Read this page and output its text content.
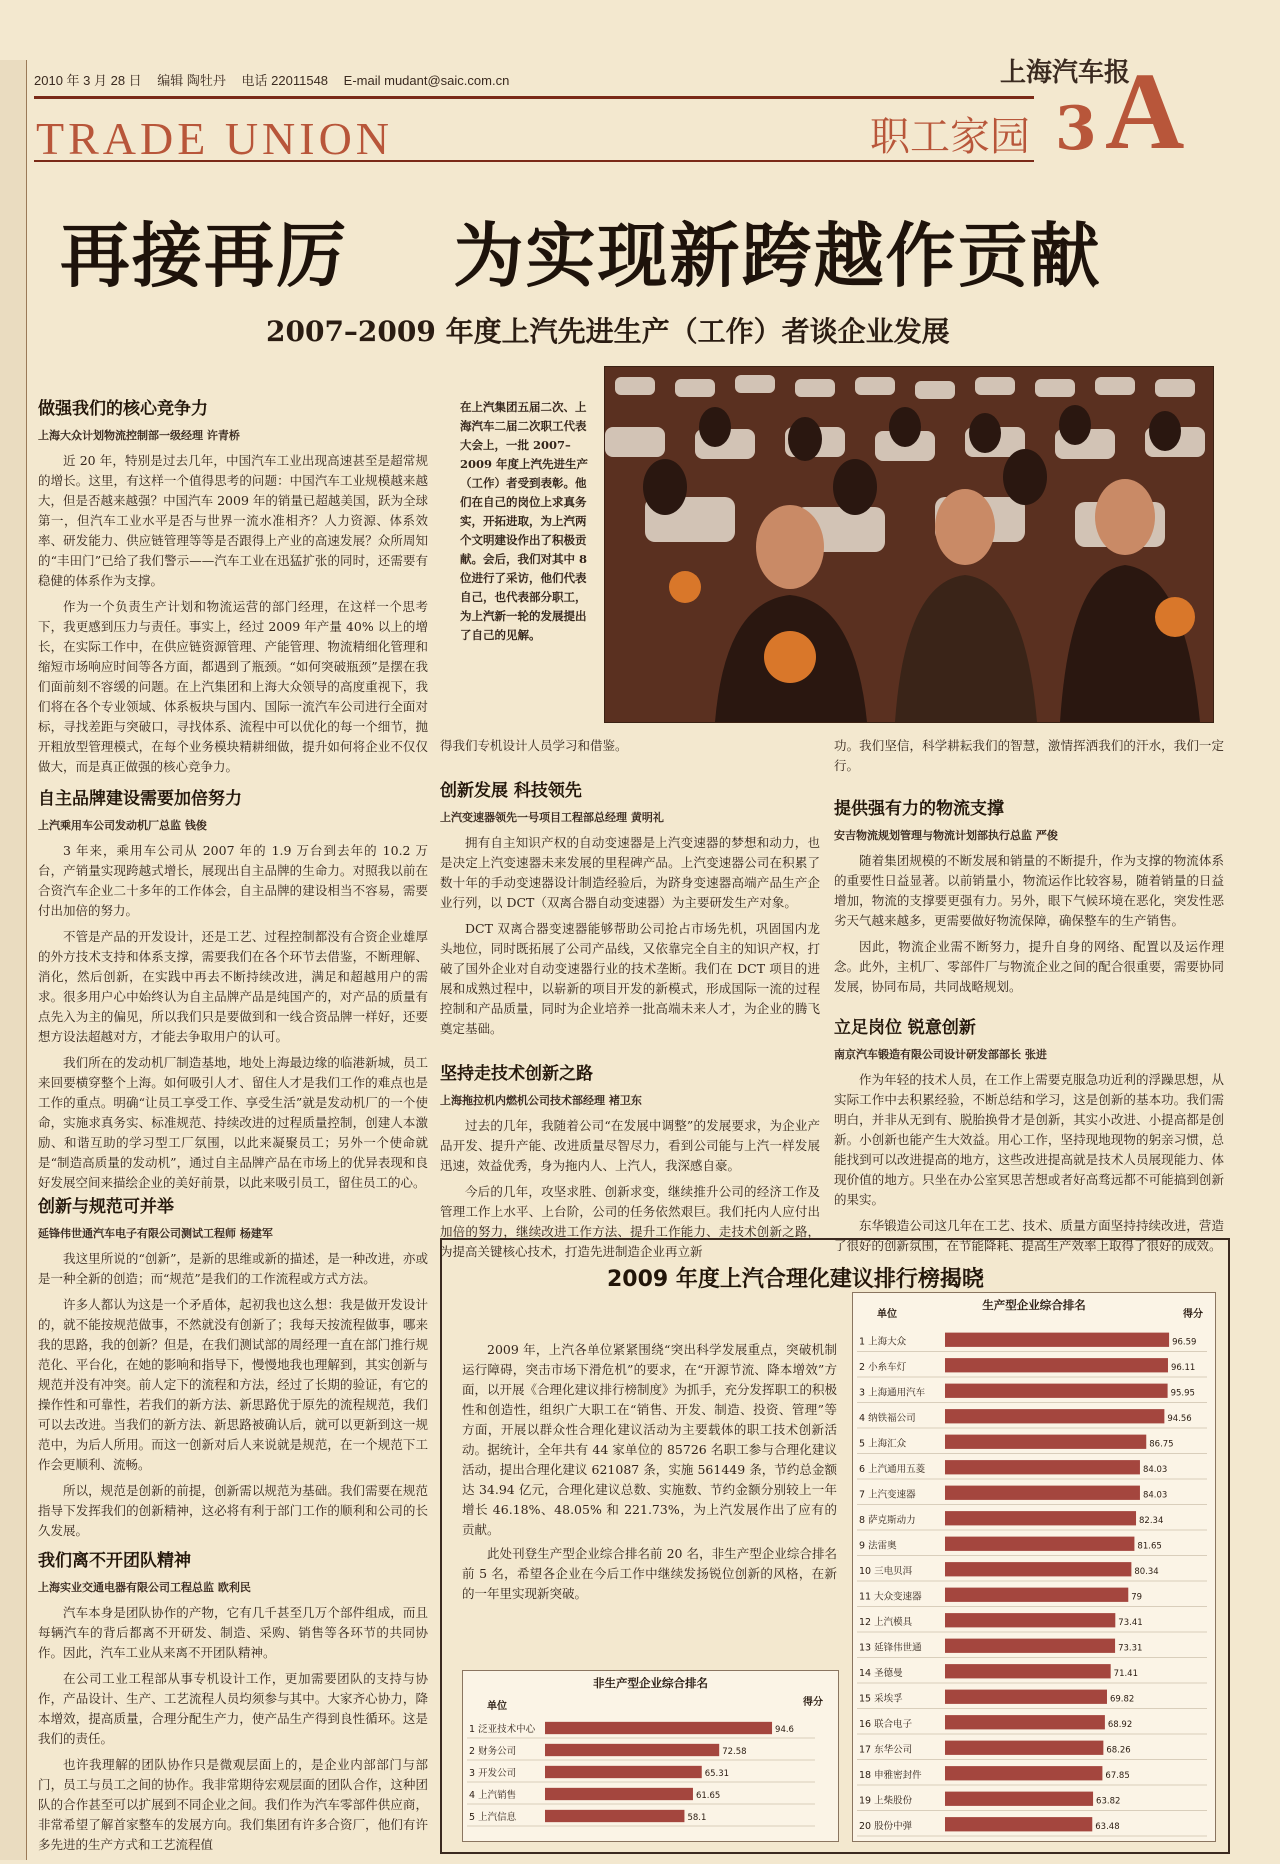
2010 年 3 月 28 日 编辑 陶牡丹 电话 22011548 E-mail mudant@saic.com.cn	上海汽车报
TRADE UNION	职工家园 3 A
再接再厉    为实现新跨越作贡献
2007–2009 年度上汽先进生产（工作）者谈企业发展
做强我们的核心竞争力
上海大众计划物流控制部一级经理 许青桥

近 20 年，特别是过去几年，中国汽车工业出现高速甚至是超常规的增长。这里，有这样一个值得思考的问题：中国汽车工业规模越来越大，但是否越来越强？中国汽车 2009 年的销量已超越美国，跃为全球第一，但汽车工业水平是否与世界一流水准相齐？人力资源、体系效率、研发能力、供应链管理等等是否跟得上产业的高速发展？众所周知的“丰田门”已给了我们警示——汽车工业在迅猛扩张的同时，还需要有稳健的体系作为支撑。

作为一个负责生产计划和物流运营的部门经理，在这样一个思考下，我更感到压力与责任。事实上，经过 2009 年产量 40% 以上的增长，在实际工作中，在供应链资源管理、产能管理、物流精细化管理和缩短市场响应时间等各方面，都遇到了瓶颈。“如何突破瓶颈”是摆在我们面前刻不容缓的问题。在上汽集团和上海大众领导的高度重视下，我们将在各个专业领域、体系板块与国内、国际一流汽车公司进行全面对标，寻找差距与突破口，寻找体系、流程中可以优化的每一个细节，抛开粗放型管理模式，在每个业务模块精耕细做，提升如何将企业不仅仅做大，而是真正做强的核心竞争力。

自主品牌建设需要加倍努力
上汽乘用车公司发动机厂总监 钱俊

3 年来，乘用车公司从 2007 年的 1.9 万台到去年的 10.2 万台，产销量实现跨越式增长，展现出自主品牌的生命力。对照我以前在合资汽车企业二十多年的工作体会，自主品牌的建设相当不容易，需要付出加倍的努力。

不管是产品的开发设计，还是工艺、过程控制都没有合资企业雄厚的外方技术支持和体系支撑，需要我们在各个环节去借鉴，不断理解、消化，然后创新，在实践中再去不断持续改进，满足和超越用户的需求。很多用户心中始终认为自主品牌产品是纯国产的，对产品的质量有点先入为主的偏见，所以我们只是要做到和一线合资品牌一样好，还要想方设法超越对方，才能去争取用户的认可。

我们所在的发动机厂制造基地，地处上海最边缘的临港新城，员工来回要横穿整个上海。如何吸引人才、留住人才是我们工作的难点也是工作的重点。明确“让员工享受工作、享受生活”就是发动机厂的一个使命，实施求真务实、标准规范、持续改进的过程质量控制，创建人本激励、和谐互助的学习型工厂氛围，以此来凝聚员工；另外一个使命就是“制造高质量的发动机”，通过自主品牌产品在市场上的优异表现和良好发展空间来描绘企业的美好前景，以此来吸引员工，留住员工的心。

创新与规范可并举
延锋伟世通汽车电子有限公司测试工程师 杨建军

我这里所说的“创新”，是新的思维或新的描述，是一种改进，亦或是一种全新的创造；而“规范”是我们的工作流程或方式方法。

许多人都认为这是一个矛盾体，起初我也这么想：我是做开发设计的，就不能按规范做事，不然就没有创新了；我每天按流程做事，哪来我的思路，我的创新？但是，在我们测试部的周经理一直在部门推行规范化、平台化，在她的影响和指导下，慢慢地我也理解到，其实创新与规范并没有冲突。前人定下的流程和方法，经过了长期的验证，有它的操作性和可靠性，若我们的新方法、新思路优于原先的流程规范，我们可以去改进。当我们的新方法、新思路被确认后，就可以更新到这一规范中，为后人所用。而这一创新对后人来说就是规范，在一个规范下工作会更顺利、流畅。

所以，规范是创新的前提，创新需以规范为基础。我们需要在规范指导下发挥我们的创新精神，这必将有利于部门工作的顺利和公司的长久发展。

我们离不开团队精神
上海实业交通电器有限公司工程总监 欧利民

汽车本身是团队协作的产物，它有几千甚至几万个部件组成，而且每辆汽车的背后都离不开研发、制造、采购、销售等各环节的共同协作。因此，汽车工业从来离不开团队精神。

在公司工业工程部从事专机设计工作，更加需要团队的支持与协作，产品设计、生产、工艺流程人员均须参与其中。大家齐心协力，降本增效，提高质量，合理分配生产力，使产品生产得到良性循环。这是我们的责任。

也许我理解的团队协作只是微观层面上的，是企业内部部门与部门，员工与员工之间的协作。我非常期待宏观层面的团队合作，这种团队的合作甚至可以扩展到不同企业之间。我们作为汽车零部件供应商，非常希望了解首家整车的发展方向。我们集团有许多合资厂，他们有许多先进的生产方式和工艺流程值

在上汽集团五届二次、上海汽车二届二次职工代表大会上，一批 2007–2009 年度上汽先进生产（工作）者受到表彰。他们在自己的岗位上求真务实，开拓进取，为上汽两个文明建设作出了积极贡献。会后，我们对其中 8 位进行了采访，他们代表自己，也代表部分职工，为上汽新一轮的发展提出了自己的见解。

得我们专机设计人员学习和借鉴。

创新发展 科技领先
上汽变速器领先一号项目工程部总经理 黄明礼

拥有自主知识产权的自动变速器是上汽变速器的梦想和动力，也是决定上汽变速器未来发展的里程碑产品。上汽变速器公司在积累了数十年的手动变速器设计制造经验后，为跻身变速器高端产品生产企业行列，以 DCT（双离合器自动变速器）为主要研发生产对象。

DCT 双离合器变速器能够帮助公司抢占市场先机，巩固国内龙头地位，同时既拓展了公司产品线，又依靠完全自主的知识产权，打破了国外企业对自动变速器行业的技术垄断。我们在 DCT 项目的进展和成熟过程中，以崭新的项目开发的新模式，形成国际一流的过程控制和产品质量，同时为企业培养一批高端未来人才，为企业的腾飞奠定基础。

坚持走技术创新之路
上海拖拉机内燃机公司技术部经理 褚卫东

过去的几年，我随着公司“在发展中调整”的发展要求，为企业产品开发、提升产能、改进质量尽智尽力，看到公司能与上汽一样发展迅速，效益优秀，身为拖内人、上汽人，我深感自豪。

今后的几年，攻坚求胜、创新求变，继续推升公司的经济工作及管理工作上水平、上台阶，公司的任务依然艰巨。我们托内人应付出加倍的努力，继续改进工作方法、提升工作能力、走技术创新之路，为提高关键核心技术，打造先进制造企业再立新

功。我们坚信，科学耕耘我们的智慧，激情挥洒我们的汗水，我们一定行。

提供强有力的物流支撑
安吉物流规划管理与物流计划部执行总监 严俊

随着集团规模的不断发展和销量的不断提升，作为支撑的物流体系的重要性日益显著。以前销量小，物流运作比较容易，随着销量的日益增加，物流的支撑要更强有力。另外，眼下气候环境在恶化，突发性恶劣天气越来越多，更需要做好物流保障，确保整车的生产销售。

因此，物流企业需不断努力，提升自身的网络、配置以及运作理念。此外，主机厂、零部件厂与物流企业之间的配合很重要，需要协同发展，协同布局，共同战略规划。

立足岗位 锐意创新
南京汽车锻造有限公司设计研发部部长 张进

作为年轻的技术人员，在工作上需要克服急功近利的浮躁思想，从实际工作中去积累经验，不断总结和学习，这是创新的基本功。我们需明白，并非从无到有、脱胎换骨才是创新，其实小改进、小提高都是创新。小创新也能产生大效益。用心工作，坚持现地现物的躬亲习惯，总能找到可以改进提高的地方，这些改进提高就是技术人员展现能力、体现价值的地方。只坐在办公室冥思苦想或者好高骛远都不可能搞到创新的果实。

东华锻造公司这几年在工艺、技术、质量方面坚持持续改进，营造了很好的创新氛围，在节能降耗、提高生产效率上取得了很好的成效。

2009 年度上汽合理化建议排行榜揭晓

2009 年，上汽各单位紧紧围绕“突出科学发展重点，突破机制运行障碍，突击市场下滑危机”的要求，在“开源节流、降本增效”方面，以开展《合理化建议排行榜制度》为抓手，充分发挥职工的积极性和创造性，组织广大职工在“销售、开发、制造、投资、管理”等方面，开展以群众性合理化建议活动为主要载体的职工技术创新活动。据统计，全年共有 44 家单位的 85726 名职工参与合理化建议活动，提出合理化建议 621087 条，实施 561449 条，节约总金额达 34.94 亿元，合理化建议总数、实施数、节约金额分别较上一年增长 46.18%、48.05% 和 221.73%，为上汽发展作出了应有的贡献。

此处刊登生产型企业综合排名前 20 名，非生产型企业综合排名前 5 名，希望各企业在今后工作中继续发扬锐位创新的风格，在新的一年里实现新突破。

生产型企业综合排名
单位	得分
1 上海大众	96.59
2 小糸车灯	96.11
3 上海通用汽车	95.95
4 纳铁福公司	94.56
5 上海汇众	86.75
6 上汽通用五菱	84.03
7 上汽变速器	84.03
8 萨克斯动力	82.34
9 法雷奥	81.65
10 三电贝洱	80.34
11 大众变速器	79
12 上汽模具	73.41
13 延锋伟世通	73.31
14 圣德曼	71.41
15 采埃孚	69.82
16 联合电子	68.92
17 东华公司	68.26
18 申雅密封件	67.85
19 上柴股份	63.82
20 股份中弹	63.48
非生产型企业综合排名
单位	得分
1 泛亚技术中心	94.6
2 财务公司	72.58
3 开发公司	65.31
4 上汽销售	61.65
5 上汽信息	58.1
